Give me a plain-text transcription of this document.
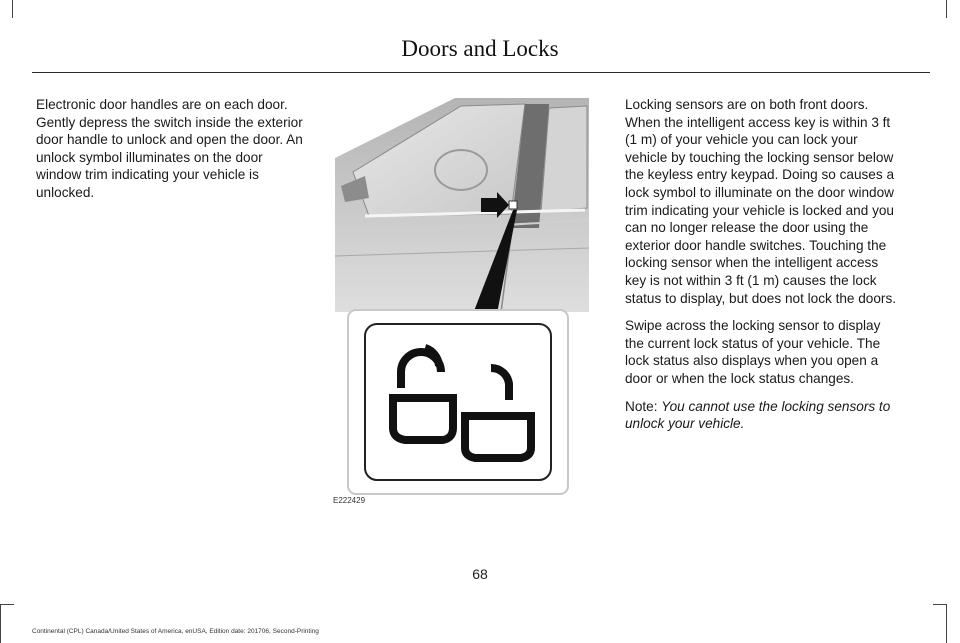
Doors and Locks

Electronic door handles are on each door. Gently depress the switch inside the exterior door handle to unlock and open the door. An unlock symbol illuminates on the door window trim indicating your vehicle is unlocked.

E222429

Locking sensors are on both front doors. When the intelligent access key is within 3 ft (1 m) of your vehicle you can lock your vehicle by touching the locking sensor below the keyless entry keypad. Doing so causes a lock symbol to illuminate on the door window trim indicating your vehicle is locked and you can no longer release the door using the exterior door handle switches. Touching the locking sensor when the intelligent access key is not within 3 ft (1 m) causes the lock status to display, but does not lock the doors.

Swipe across the locking sensor to display the current lock status of your vehicle. The lock status also displays when you open a door or when the lock status changes.

Note: You cannot use the locking sensors to unlock your vehicle.

68
Continental (CPL) Canada/United States of America, enUSA, Edition date: 201706, Second-Printing
